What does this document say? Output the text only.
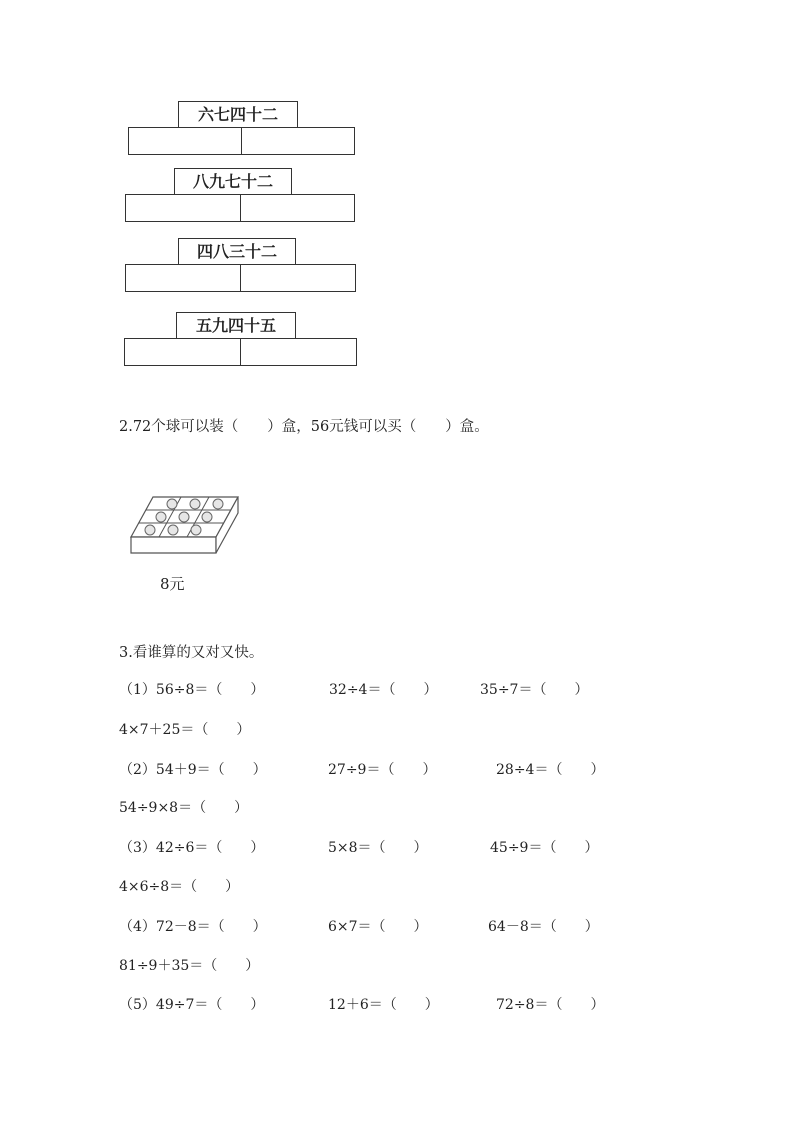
六七四十二
八九七十二
四八三十二
五九四十五
2.72个球可以装（　　）盒，56元钱可以买（　　）盒。
8元
3.看谁算的又对又快。
（1）56÷8＝（　　）	32÷4＝（　　）	35÷7＝（　　）
4×7＋25＝（　　）
（2）54＋9＝（　　）	27÷9＝（　　）	28÷4＝（　　）
54÷9×8＝（　　）
（3）42÷6＝（　　）	5×8＝（　　）	45÷9＝（　　）
4×6÷8＝（　　）
（4）72－8＝（　　）	6×7＝（　　）	64－8＝（　　）
81÷9＋35＝（　　）
（5）49÷7＝（　　）	12＋6＝（　　）	72÷8＝（　　）
